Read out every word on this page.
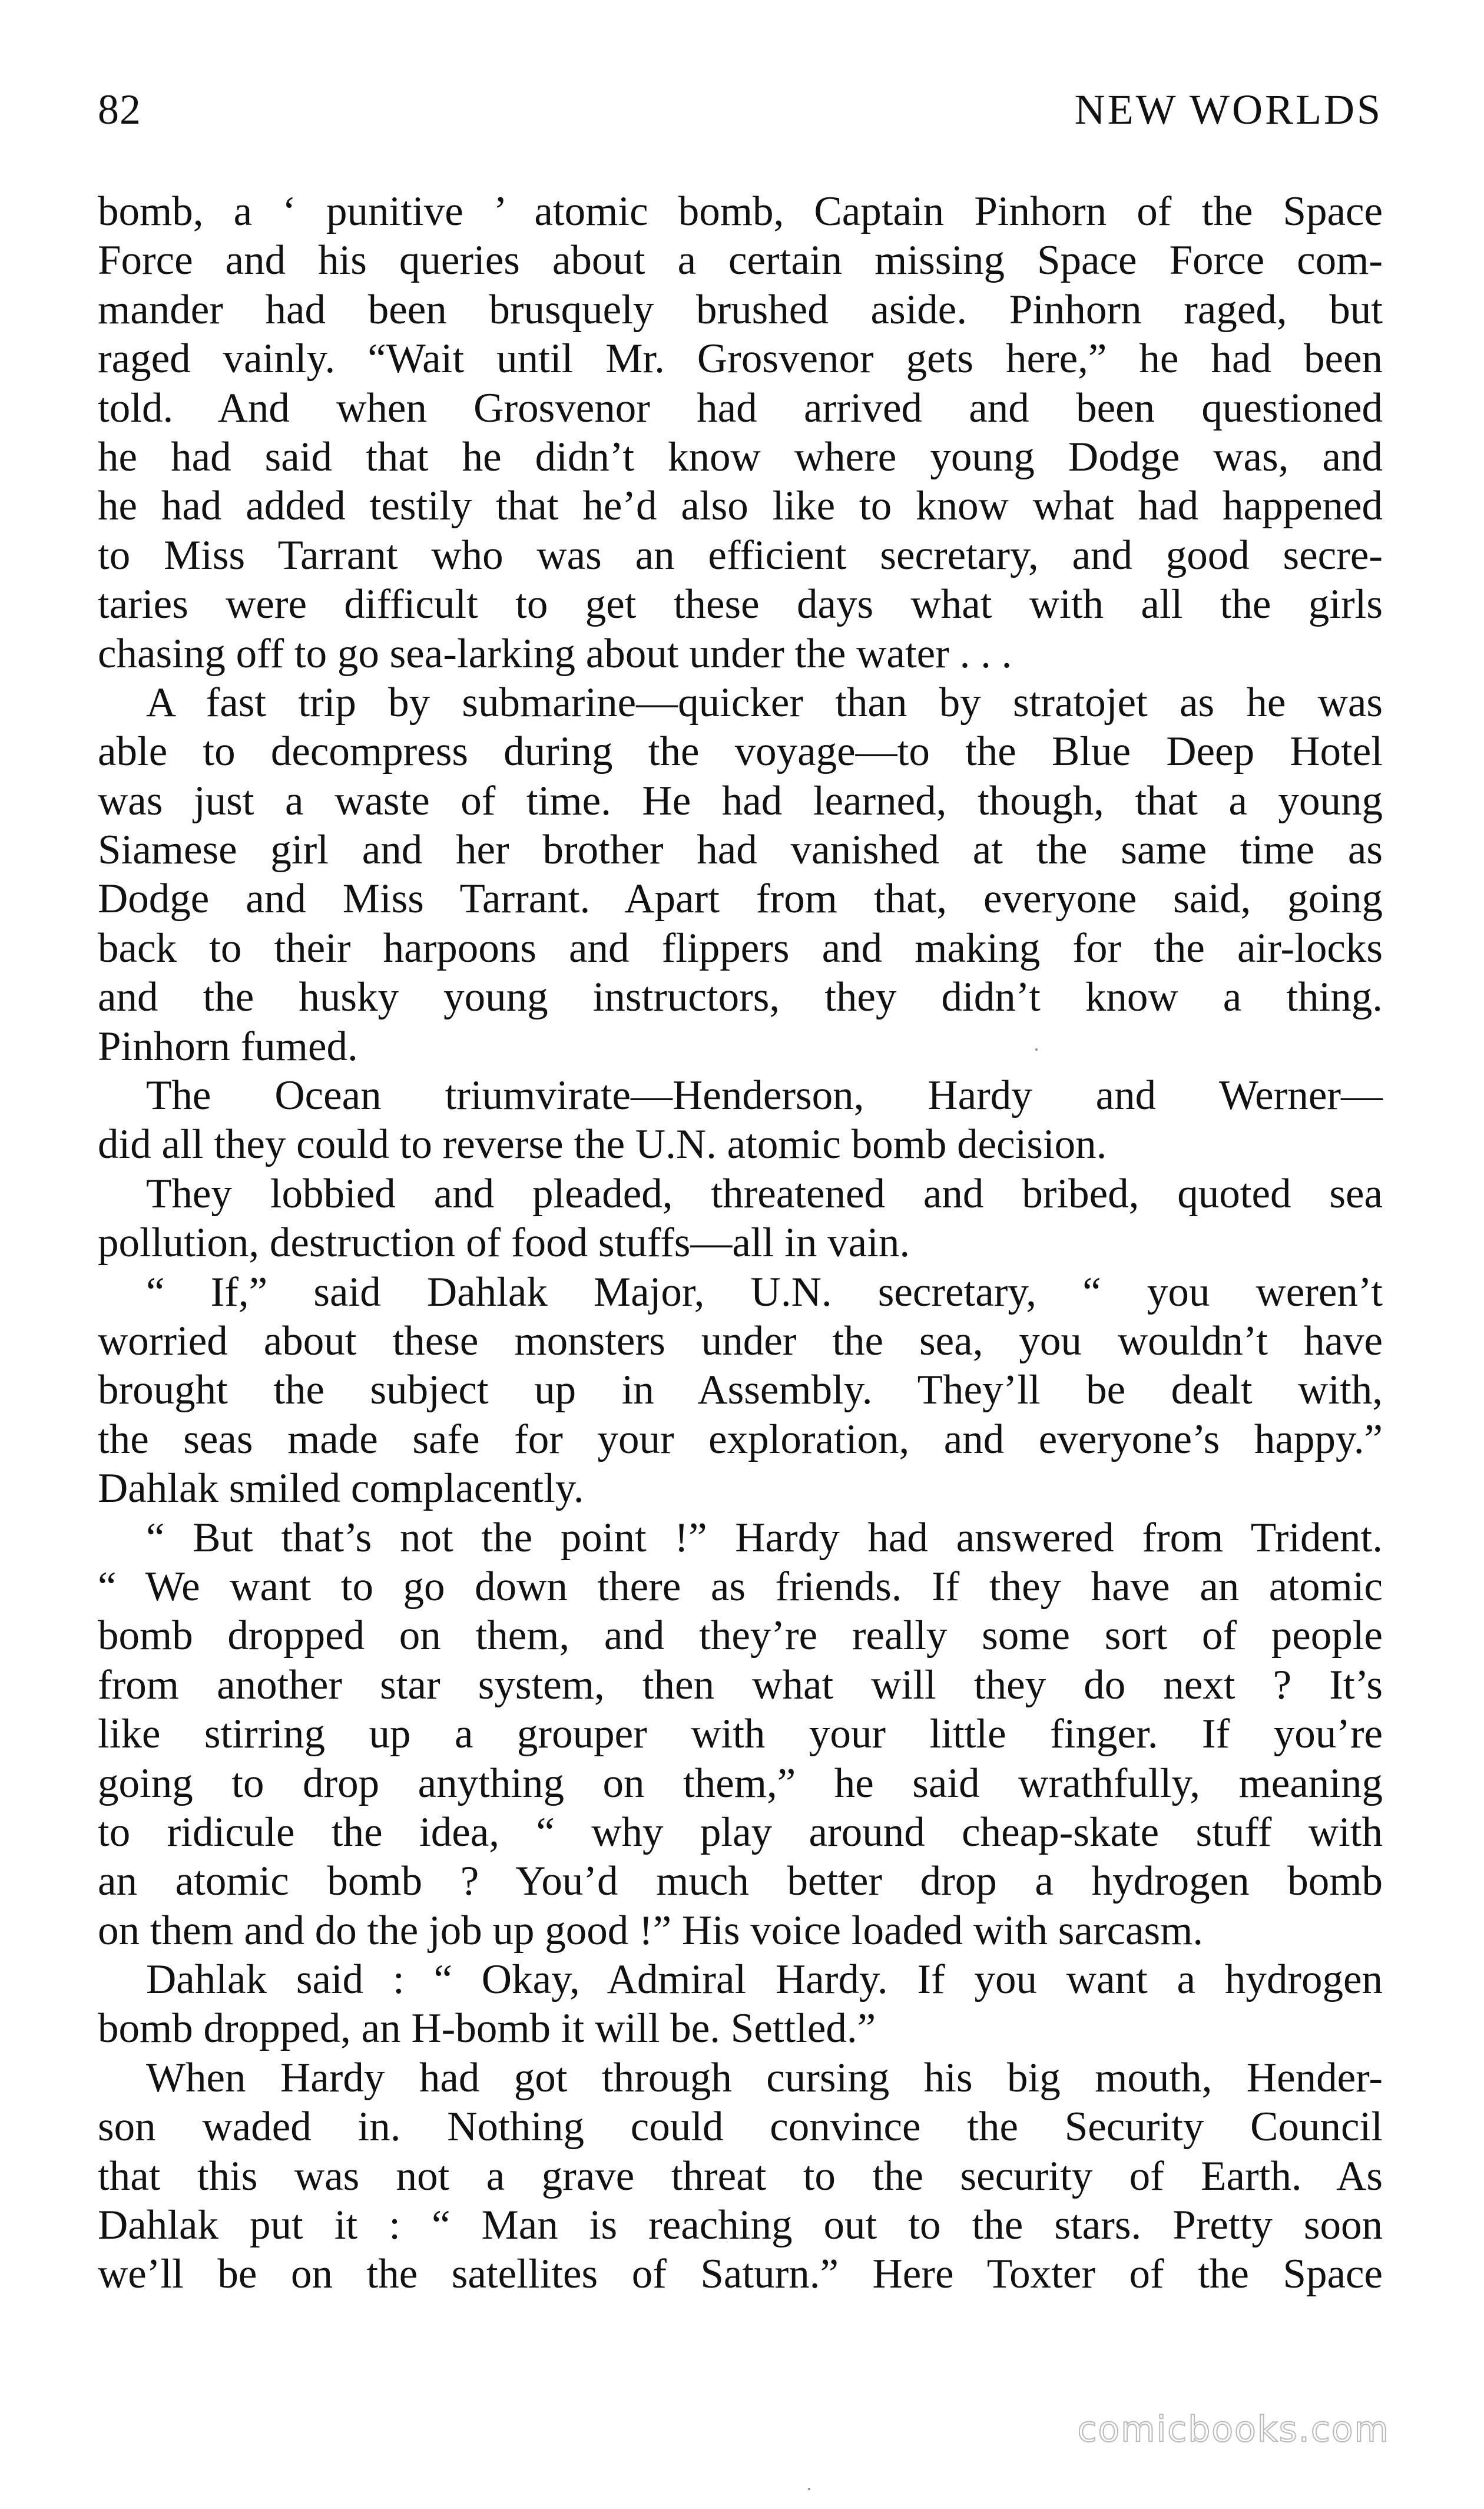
82	NEW WORLDS
bomb, a ‘ punitive ’ atomic bomb, Captain Pinhorn of the Space
Force and his queries about a certain missing Space Force com-
mander had been brusquely brushed aside. Pinhorn raged, but
raged vainly. “Wait until Mr. Grosvenor gets here,” he had been
told. And when Grosvenor had arrived and been questioned
he had said that he didn’t know where young Dodge was, and
he had added testily that he’d also like to know what had happened
to Miss Tarrant who was an efficient secretary, and good secre-
taries were difficult to get these days what with all the girls
chasing off to go sea-larking about under the water . . .
A fast trip by submarine—quicker than by stratojet as he was
able to decompress during the voyage—to the Blue Deep Hotel
was just a waste of time. He had learned, though, that a young
Siamese girl and her brother had vanished at the same time as
Dodge and Miss Tarrant. Apart from that, everyone said, going
back to their harpoons and flippers and making for the air-locks
and the husky young instructors, they didn’t know a thing.
Pinhorn fumed.
The Ocean triumvirate—Henderson, Hardy and Werner—
did all they could to reverse the U.N. atomic bomb decision.
They lobbied and pleaded, threatened and bribed, quoted sea
pollution, destruction of food stuffs—all in vain.
“ If,” said Dahlak Major, U.N. secretary, “ you weren’t
worried about these monsters under the sea, you wouldn’t have
brought the subject up in Assembly. They’ll be dealt with,
the seas made safe for your exploration, and everyone’s happy.”
Dahlak smiled complacently.
“ But that’s not the point !” Hardy had answered from Trident.
“ We want to go down there as friends. If they have an atomic
bomb dropped on them, and they’re really some sort of people
from another star system, then what will they do next ? It’s
like stirring up a grouper with your little finger. If you’re
going to drop anything on them,” he said wrathfully, meaning
to ridicule the idea, “ why play around cheap-skate stuff with
an atomic bomb ? You’d much better drop a hydrogen bomb
on them and do the job up good !” His voice loaded with sarcasm.
Dahlak said : “ Okay, Admiral Hardy. If you want a hydrogen
bomb dropped, an H-bomb it will be. Settled.”
When Hardy had got through cursing his big mouth, Hender-
son waded in. Nothing could convince the Security Council
that this was not a grave threat to the security of Earth. As
Dahlak put it : “ Man is reaching out to the stars. Pretty soon
we’ll be on the satellites of Saturn.” Here Toxter of the Space
comicbooks.com
